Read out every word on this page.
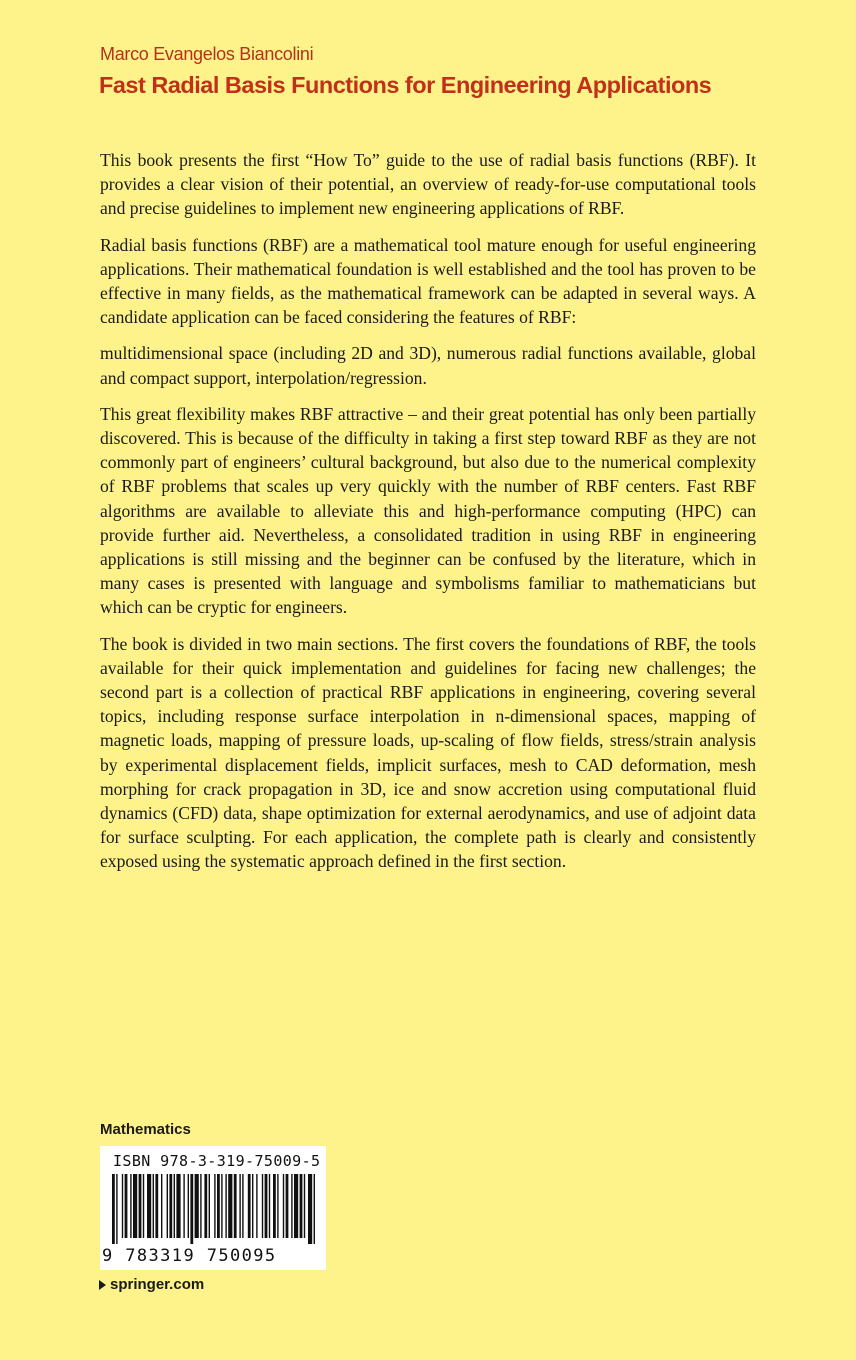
Marco Evangelos Biancolini
Fast Radial Basis Functions for Engineering Applications

This book presents the first “How To” guide to the use of radial basis functions (RBF). It provides a clear vision of their potential, an overview of ready-for-use computational tools and precise guidelines to implement new engineering applications of RBF.

Radial basis functions (RBF) are a mathematical tool mature enough for useful engineering applications. Their mathematical foundation is well established and the tool has proven to be effective in many fields, as the mathematical framework can be adapted in several ways. A candidate application can be faced considering the features of RBF:

multidimensional space (including 2D and 3D), numerous radial functions available, global and compact support, interpolation/regression.

This great flexibility makes RBF attractive – and their great potential has only been partially discovered. This is because of the difficulty in taking a first step toward RBF as they are not commonly part of engineers’ cultural background, but also due to the numerical complexity of RBF problems that scales up very quickly with the number of RBF centers. Fast RBF algorithms are available to alleviate this and high-performance computing (HPC) can provide further aid. Nevertheless, a consolidated tradition in using RBF in engineering applications is still missing and the beginner can be confused by the literature, which in many cases is presented with language and symbolisms familiar to mathematicians but which can be cryptic for engineers.

The book is divided in two main sections. The first covers the foundations of RBF, the tools available for their quick implementation and guidelines for facing new challenges; the second part is a collection of practical RBF applications in engineering, covering several topics, including response surface interpolation in n-dimensional spaces, mapping of magnetic loads, mapping of pressure loads, up-scaling of flow fields, stress/strain analysis by experimental displacement fields, implicit surfaces, mesh to CAD deformation, mesh morphing for crack propagation in 3D, ice and snow accretion using computational fluid dynamics (CFD) data, shape optimization for external aerodynamics, and use of adjoint data for surface sculpting. For each application, the complete path is clearly and consistently exposed using the systematic approach defined in the first section.

Mathematics
ISBN 978-3-319-75009-5
9 783319 750095
springer.com
